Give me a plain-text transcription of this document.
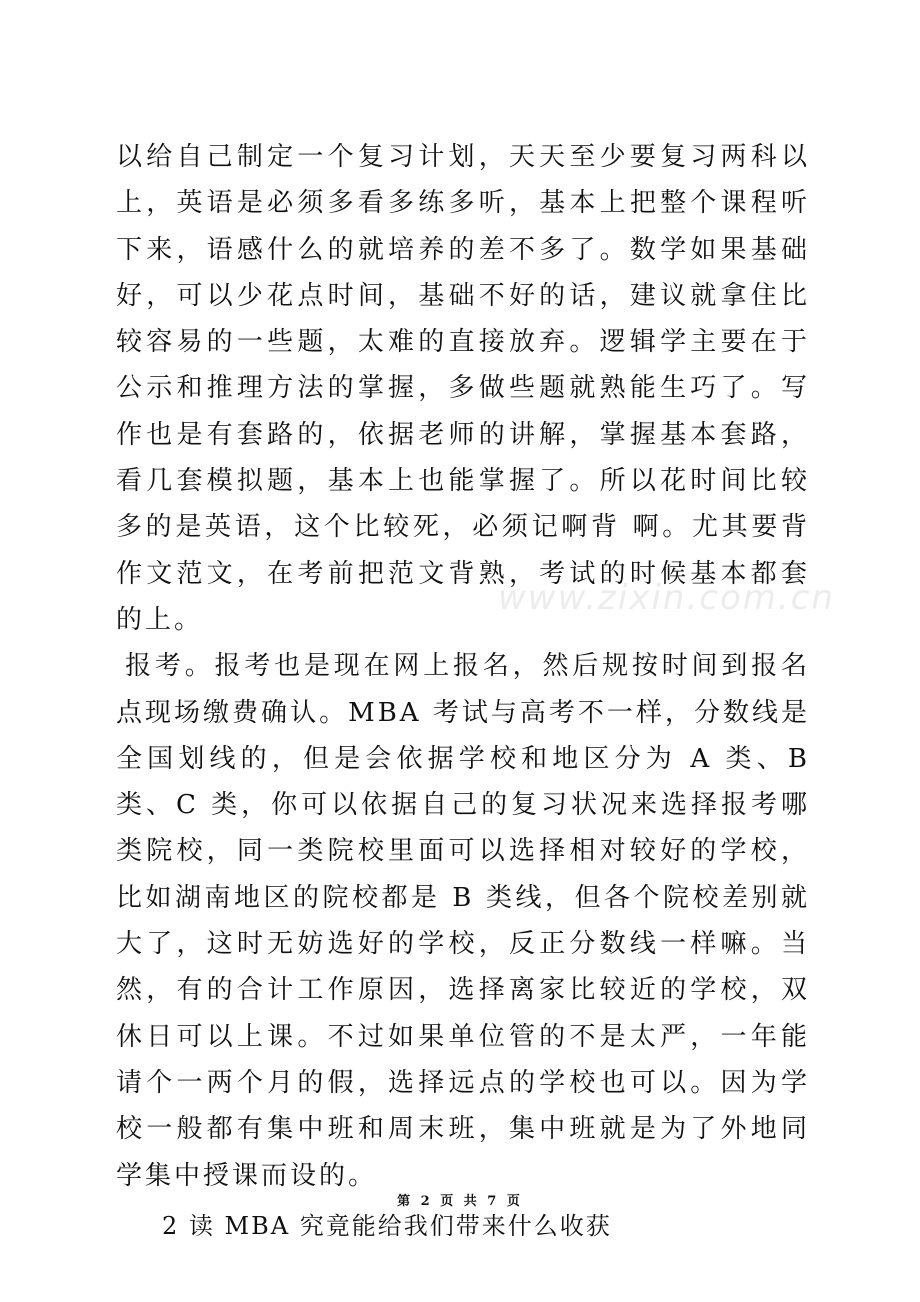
以给自己制定一个复习计划，天天至少要复习两科以上，英语是必须多看多练多听，基本上把整个课程听下来，语感什么的就培养的差不多了。数学如果基础好，可以少花点时间，基础不好的话，建议就拿住比较容易的一些题，太难的直接放弃。逻辑学主要在于公示和推理方法的掌握，多做些题就熟能生巧了。写作也是有套路的，依据老师的讲解，掌握基本套路，看几套模拟题，基本上也能掌握了。所以花时间比较多的是英语，这个比较死，必须记啊背 啊。尤其要背作文范文，在考前把范文背熟，考试的时候基本都套的上。

报考。报考也是现在网上报名，然后规按时间到报名点现场缴费确认。MBA 考试与高考不一样，分数线是全国划线的，但是会依据学校和地区分为 A 类、B 类、C 类，你可以依据自己的复习状况来选择报考哪类院校，同一类院校里面可以选择相对较好的学校，比如湖南地区的院校都是 B 类线，但各个院校差别就大了，这时无妨选好的学校，反正分数线一样嘛。当然，有的合计工作原因，选择离家比较近的学校，双休日可以上课。不过如果单位管的不是太严，一年能请个一两个月的假，选择远点的学校也可以。因为学校一般都有集中班和周末班，集中班就是为了外地同学集中授课而设的。

2 读 MBA 究竟能给我们带来什么收获

www.zixin.com.cn
第 2 页 共 7 页
